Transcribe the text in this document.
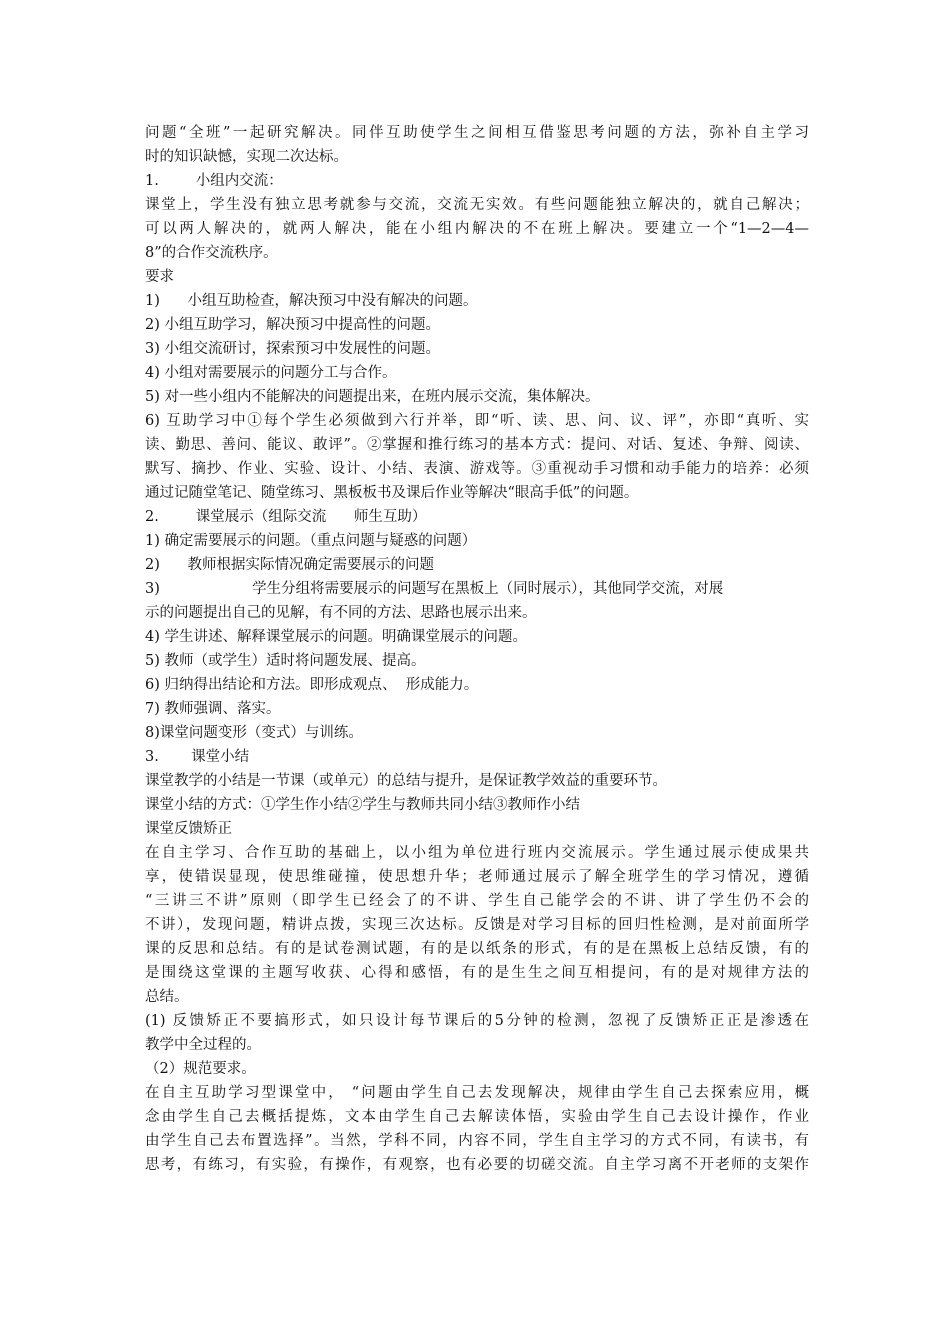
问题“全班”一起研究解决。同伴互助使学生之间相互借鉴思考问题的方法，弥补自主学习
时的知识缺憾，实现二次达标。
1.        小组内交流：
课堂上，学生没有独立思考就参与交流，交流无实效。有些问题能独立解决的，就自己解决；
可以两人解决的，就两人解决，能在小组内解决的不在班上解决。要建立一个“1—2—4—
8”的合作交流秩序。
要求
1)      小组互助检查，解决预习中没有解决的问题。
2) 小组互助学习，解决预习中提高性的问题。
3) 小组交流研讨，探索预习中发展性的问题。
4) 小组对需要展示的问题分工与合作。
5) 对一些小组内不能解决的问题提出来，在班内展示交流，集体解决。
6) 互助学习中①每个学生必须做到六行并举，即“听、读、思、问、议、评”，亦即“真听、实
读、勤思、善问、能议、敢评”。②掌握和推行练习的基本方式：提问、对话、复述、争辩、阅读、
默写、摘抄、作业、实验、设计、小结、表演、游戏等。③重视动手习惯和动手能力的培养：必须
通过记随堂笔记、随堂练习、黑板板书及课后作业等解决“眼高手低”的问题。
2.        课堂展示（组际交流      师生互助）
1) 确定需要展示的问题。（重点问题与疑惑的问题）
2)      教师根据实际情况确定需要展示的问题
3)                    学生分组将需要展示的问题写在黑板上（同时展示），其他同学交流，对展
示的问题提出自己的见解，有不同的方法、思路也展示出来。
4) 学生讲述、解释课堂展示的问题。明确课堂展示的问题。
5) 教师（或学生）适时将问题发展、提高。
6) 归纳得出结论和方法。即形成观点、  形成能力。
7) 教师强调、落实。
8)课堂问题变形（变式）与训练。
3.       课堂小结
课堂教学的小结是一节课（或单元）的总结与提升，是保证教学效益的重要环节。
课堂小结的方式：①学生作小结②学生与教师共同小结③教师作小结
课堂反馈矫正
在自主学习、合作互助的基础上，以小组为单位进行班内交流展示。学生通过展示使成果共
享，使错误显现，使思维碰撞，使思想升华；老师通过展示了解全班学生的学习情况，遵循
“三讲三不讲”原则（即学生已经会了的不讲、学生自己能学会的不讲、讲了学生仍不会的
不讲），发现问题，精讲点拨，实现三次达标。反馈是对学习目标的回归性检测，是对前面所学
课的反思和总结。有的是试卷测试题，有的是以纸条的形式，有的是在黑板上总结反馈，有的
是围绕这堂课的主题写收获、心得和感悟，有的是生生之间互相提问，有的是对规律方法的
总结。
(1) 反馈矫正不要搞形式，如只设计每节课后的5分钟的检测，忽视了反馈矫正正是渗透在
教学中全过程的。
（2）规范要求。
在自主互助学习型课堂中， “问题由学生自己去发现解决，规律由学生自己去探索应用，概
念由学生自己去概括提炼，文本由学生自己去解读体悟，实验由学生自己去设计操作，作业
由学生自己去布置选择”。当然，学科不同，内容不同，学生自主学习的方式不同，有读书，有
思考，有练习，有实验，有操作，有观察，也有必要的切磋交流。自主学习离不开老师的支架作
